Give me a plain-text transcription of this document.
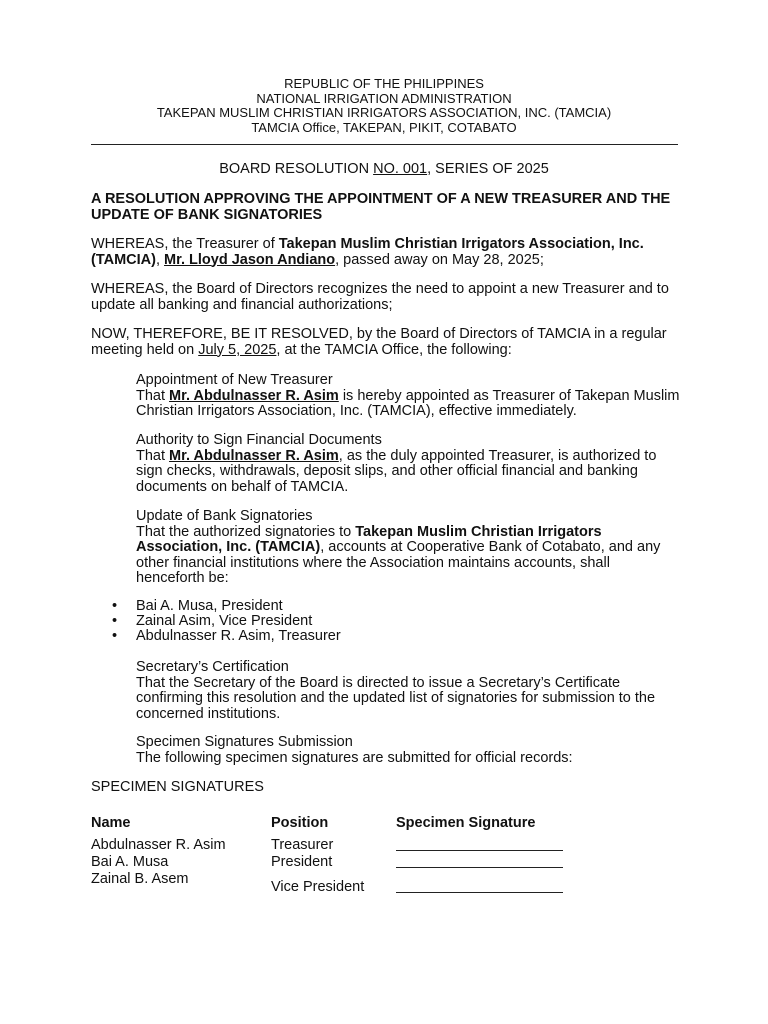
REPUBLIC OF THE PHILIPPINES
NATIONAL IRRIGATION ADMINISTRATION
TAKEPAN MUSLIM CHRISTIAN IRRIGATORS ASSOCIATION, INC. (TAMCIA)
TAMCIA Office, TAKEPAN, PIKIT, COTABATO
BOARD RESOLUTION NO. 001, SERIES OF 2025
A RESOLUTION APPROVING THE APPOINTMENT OF A NEW TREASURER AND THE UPDATE OF BANK SIGNATORIES
WHEREAS, the Treasurer of Takepan Muslim Christian Irrigators Association, Inc. (TAMCIA), Mr. Lloyd Jason Andiano, passed away on May 28, 2025;
WHEREAS, the Board of Directors recognizes the need to appoint a new Treasurer and to update all banking and financial authorizations;
NOW, THEREFORE, BE IT RESOLVED, by the Board of Directors of TAMCIA in a regular meeting held on July 5, 2025, at the TAMCIA Office, the following:
Appointment of New Treasurer
That Mr. Abdulnasser R. Asim is hereby appointed as Treasurer of Takepan Muslim Christian Irrigators Association, Inc. (TAMCIA), effective immediately.
Authority to Sign Financial Documents
That Mr. Abdulnasser R. Asim, as the duly appointed Treasurer, is authorized to sign checks, withdrawals, deposit slips, and other official financial and banking documents on behalf of TAMCIA.
Update of Bank Signatories
That the authorized signatories to Takepan Muslim Christian Irrigators Association, Inc. (TAMCIA), accounts at Cooperative Bank of Cotabato, and any other financial institutions where the Association maintains accounts, shall henceforth be:
• Bai A. Musa, President
• Zainal Asim, Vice President
• Abdulnasser R. Asim, Treasurer
Secretary’s Certification
That the Secretary of the Board is directed to issue a Secretary’s Certificate confirming this resolution and the updated list of signatories for submission to the concerned institutions.
Specimen Signatures Submission
The following specimen signatures are submitted for official records:
SPECIMEN SIGNATURES
Name	Position	Specimen Signature
Abdulnasser R. Asim
Bai A. Musa
Zainal B. Asem
Treasurer
President
Vice President
